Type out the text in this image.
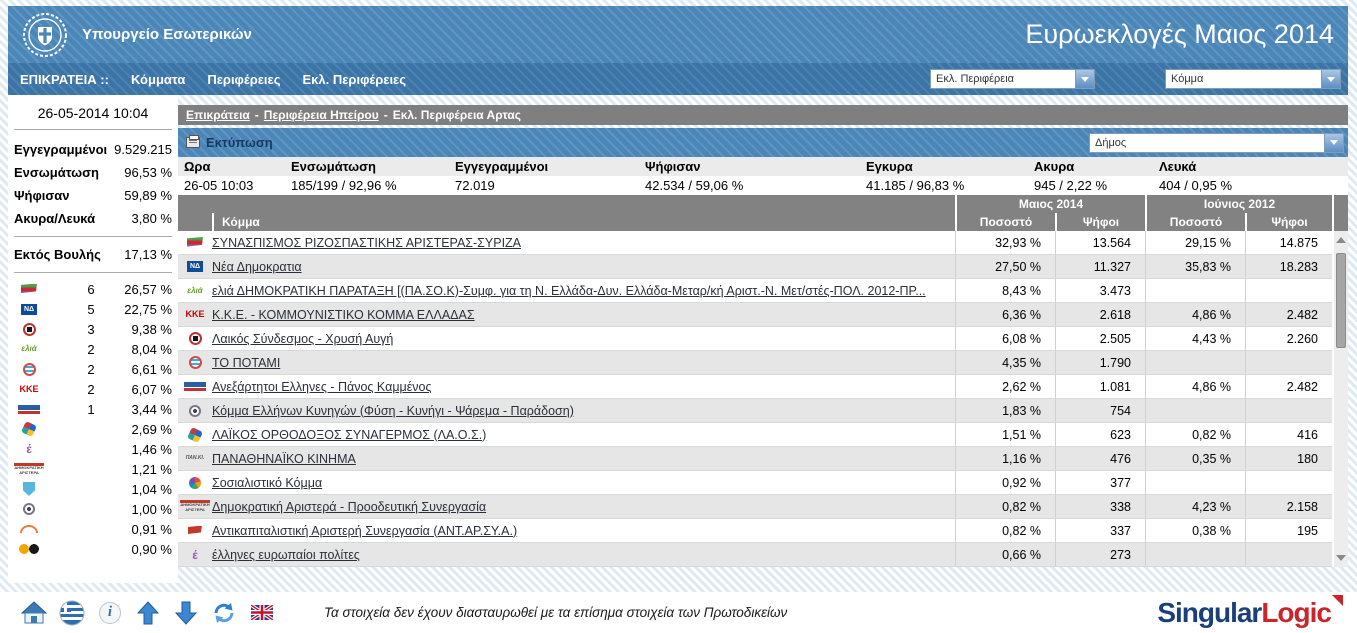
Υπουργείο Εσωτερικών	Ευρωεκλογές Μαιος 2014
ΕΠΙΚΡΑΤΕΙΑ :: Κόμματα Περιφέρειες Εκλ. Περιφέρειες	Εκλ. Περιφέρεια	Κόμμα
26-05-2014 10:04
Εγγεγραμμένοι 9.529.215
Ενσωμάτωση 96,53 %
Ψήφισαν	59,89 %
Ακυρα/Λευκά	3,80 %
Εκτός Βουλής 17,13 %
6	26,57 %
ΝΔ	5	22,75 %
3	9,38 %
ελιά	2	8,04 %
2	6,61 %
ΚΚΕ	2	6,07 %
1	3,44 %
2,69 %
έ	1,46 %
ΔΗΜΟΚΡΑΤΙΚΗ ΑΡΙΣΤΕΡΑ	1,21 %
1,04 %
1,00 %
0,91 %
0,90 %
Επικράτεια - Περιφέρεια Ηπείρου - Εκλ. Περιφέρεια Αρτας
Εκτύπωση	Δήμος
Ωρα	Ενσωμάτωση	Εγγεγραμμένοι	Ψήφισαν	Εγκυρα	Ακυρα	Λευκά
26-05 10:03	185/199 / 92,96 %	72.019	42.534 / 59,06 %	41.185 / 96,83 %	945 / 2,22 %	404 / 0,95 %
Μαιος 2014	Ιούνιος 2012
Κόμμα	Ποσοστό	Ψήφοι	Ποσοστό	Ψήφοι
ΣΥΝΑΣΠΙΣΜΟΣ ΡΙΖΟΣΠΑΣΤΙΚΗΣ ΑΡΙΣΤΕΡΑΣ-ΣΥΡΙΖΑ	32,93 %	13.564	29,15 %	14.875
ΝΔ Νέα Δημοκρατια	27,50 %	11.327	35,83 %	18.283
ελιά ελιά ΔΗΜΟΚΡΑΤΙΚΗ ΠΑΡΑΤΑΞΗ [(ΠΑ.ΣΟ.Κ)-Συμφ. για τη Ν. Ελλάδα-Δυν. Ελλάδα-Μεταρ/κή Αριστ.-Ν. Μετ/στές-ΠΟΛ. 2012-ΠΡ...	8,43 %	3.473
ΚΚΕ Κ.Κ.Ε. - ΚΟΜΜΟΥΝΙΣΤΙΚΟ ΚΟΜΜΑ ΕΛΛΑΔΑΣ	6,36 %	2.618	4,86 %	2.482
Λαικός Σύνδεσμος - Χρυσή Αυγή	6,08 %	2.505	4,43 %	2.260
ΤΟ ΠΟΤΑΜΙ	4,35 %	1.790
Ανεξάρτητοι Ελληνες - Πάνος Καμμένος	2,62 %	1.081	4,86 %	2.482
Κόμμα Ελλήνων Κυνηγών (Φύση - Κυνήγι - Ψάρεμα - Παράδοση)	1,83 %	754
ΛΑΪΚΟΣ ΟΡΘΟΔΟΞΟΣ ΣΥΝΑΓΕΡΜΟΣ (ΛΑ.Ο.Σ.)	1,51 %	623	0,82 %	416
ΠΑΝ.ΚΙ. ΠΑΝΑΘΗΝΑΪΚΟ ΚΙΝΗΜΑ	1,16 %	476	0,35 %	180
Σοσιαλιστικό Κόμμα	0,92 %	377
ΔΗΜΟΚΡΑΤΙΚΗ ΑΡΙΣΤΕΡΑ Δημοκρατική Αριστερά - Προοδευτική Συνεργασία	0,82 %	338	4,23 %	2.158
Αντικαπιταλιστική Αριστερή Συνεργασία (ΑΝΤ.ΑΡ.ΣΥ.Α.)	0,82 %	337	0,38 %	195
έ έλληνες ευρωπαίοι πολίτες	0,66 %	273
i	Τα στοιχεία δεν έχουν διασταυρωθεί με τα επίσημα στοιχεία των Πρωτοδικείων	SingularLogic
